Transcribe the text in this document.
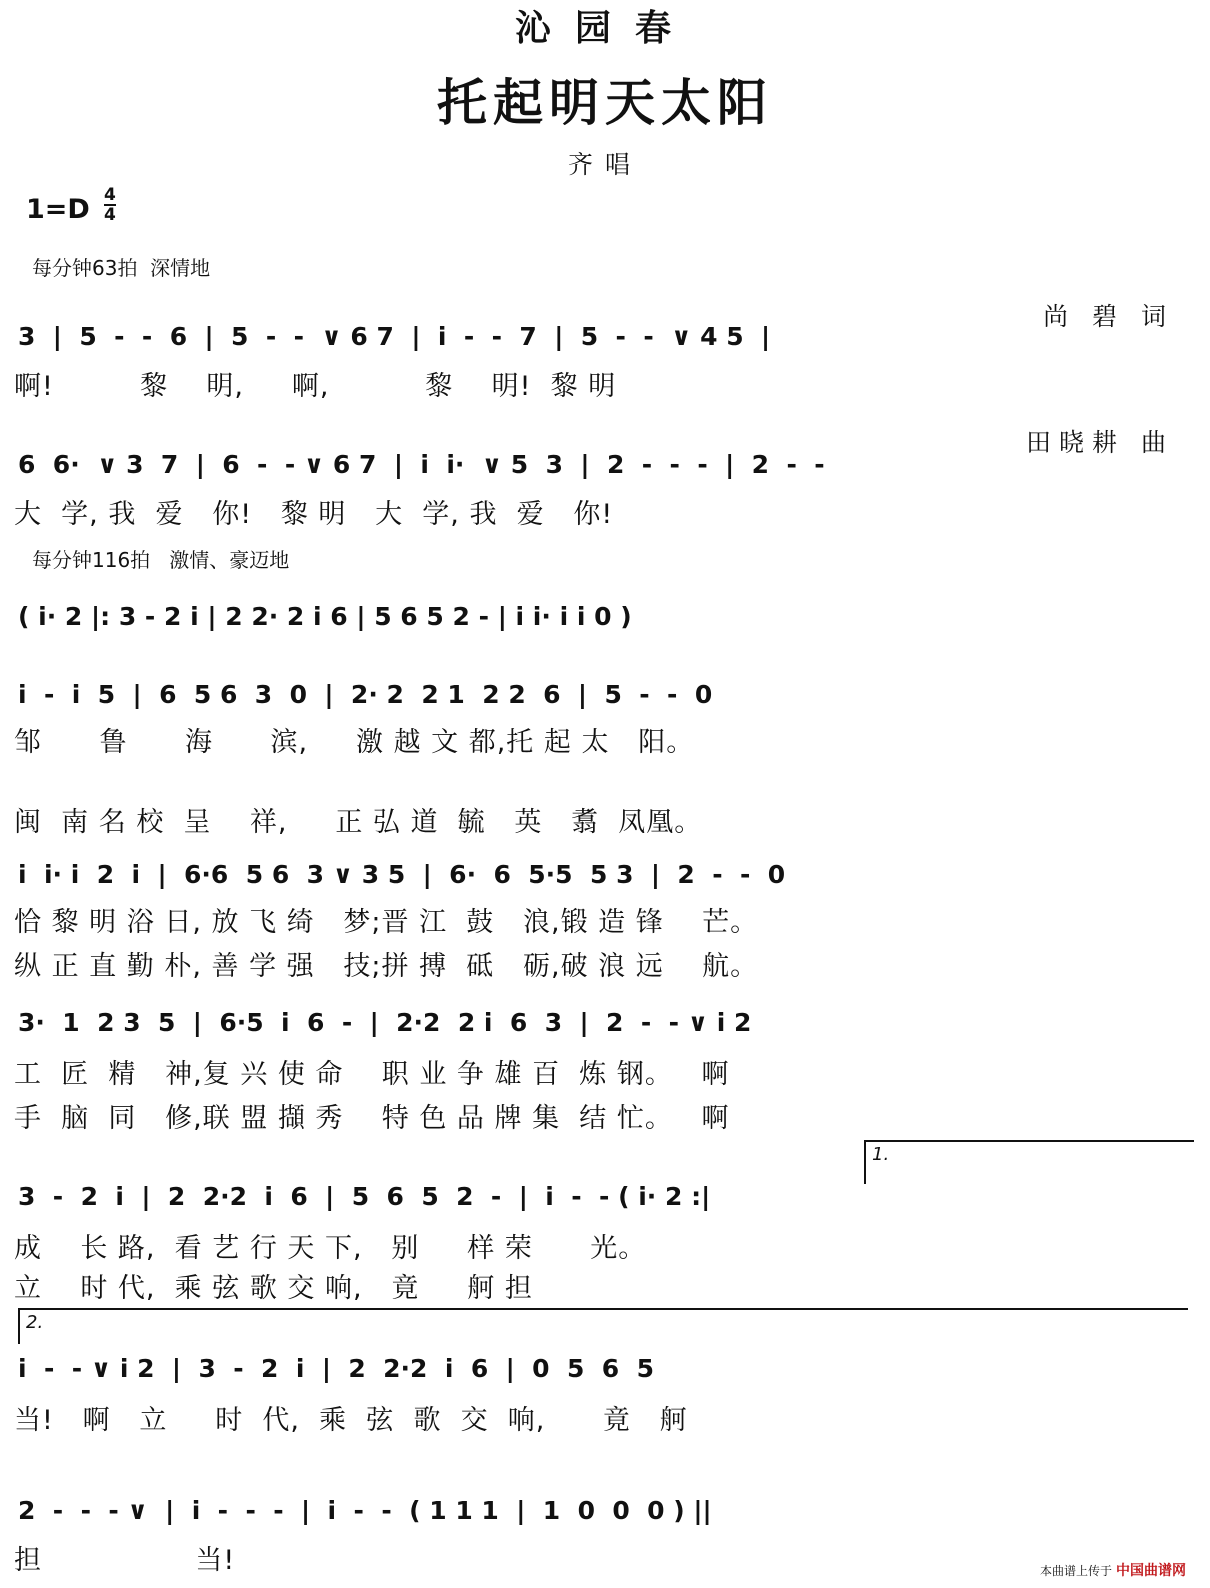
沁园春
托起明天太阳
齐唱
1=D 4
4

尚 碧 词

田晓耕 曲

每分钟63拍  深情地
每分钟116拍   激情、豪迈地
3  |  5  -  -  6  |  5  -  -  ∨ 6 7  |  i  -  -  7  |  5  -  -  ∨ 4 5  |
啊!         黎    明,     啊,          黎    明!  黎 明
6  6·  ∨ 3  7  |  6  -  - ∨ 6 7  |  i  i·  ∨ 5  3  |  2  -  -  -  |  2  -  -
大  学, 我  爱   你!   黎 明   大  学, 我  爱   你!
( i· 2 |: 3 - 2 i | 2 2· 2 i 6 | 5 6 5 2 - | i i· i i 0 )
i  -  i  5  |  6  5 6  3  0  |  2· 2  2 1  2 2  6  |  5  -  -  0
邹      鲁      海      滨,     激 越 文 都,托 起 太   阳。
闽  南 名 校  呈    祥,     正 弘 道  毓   英   翥  凤凰。
i  i· i  2  i  |  6·6  5 6  3 ∨ 3 5  |  6·  6  5·5  5 3  |  2  -  -  0
恰 黎 明 浴 日, 放 飞 绮   梦;晋 江  鼓   浪,锻 造 锋    芒。
纵 正 直 勤 朴, 善 学 强   技;拼 搏  砥   砺,破 浪 远    航。
3·  1  2 3  5  |  6·5  i  6  -  |  2·2  2 i  6  3  |  2  -  - ∨ i 2
工  匠  精   神,复 兴 使 命    职 业 争 雄 百  炼 钢。   啊
手  脑  同   修,联 盟 擷 秀    特 色 品 牌 集  结 忙。   啊
3  -  2  i  |  2  2·2  i  6  |  5  6  5  2  -  |  i  -  - ( i· 2 :|
成    长 路,  看 艺 行 天 下,   别     样 荣      光。
立    时 代,  乘 弦 歌 交 响,   竟     舸 担
i  -  - ∨ i 2  |  3  -  2  i  |  2  2·2  i  6  |  0  5  6  5
当!   啊   立     时  代,  乘  弦  歌  交  响,      竟   舸
2  -  -  - ∨  |  i  -  -  -  |  i  -  -  ( 1 1 1  |  1  0  0  0 ) ||
担                当!
1.
2.
本曲谱上传于 中国曲谱网
